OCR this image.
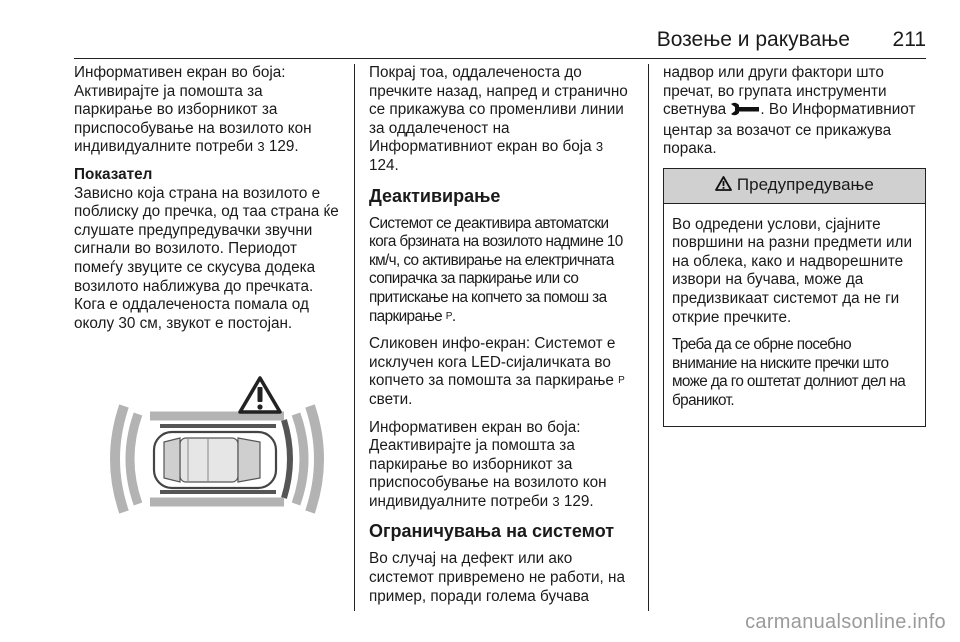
Возење и ракување 211

Информативен екран во боја: Активирајте ја помошта за паркирање во изборникот за приспособување на возилото кон индивидуалните потреби 3 129.

Показател

Зависно која страна на возилото е поблиску до пречка, од таа страна ќе слушате предупредувачки звучни сигнали во возилото. Периодот помеѓу звуците се скусува додека возилото наближува до пречката. Кога е оддалеченоста помала од околу 30 см, звукот е постојан.

Покрај тоа, оддалеченоста до пречките назад, напред и странично се прикажува со променливи линии за оддалеченост на Информативниот екран во боја 3 124.

Деактивирање

Системот се деактивира автоматски кога брзината на возилото надмине 10 км/ч, со активирање на електричната сопирачка за паркирање или со притискање на копчето за помош за паркирање P.

Сликовен инфо-екран: Системот е исклучен кога LED-сијаличката во копчето за помошта за паркирање P свети.

Информативен екран во боја: Деактивирајте ја помошта за паркирање во изборникот за приспособување на возилото кон индивидуалните потреби 3 129.

Ограничувања на системот

Во случај на дефект или ако системот привремено не работи, на пример, поради голема бучава

надвор или други фактори што пречат, во групата инструменти светнува . Во Информативниот центар за возачот се прикажува порака.

Предупредување

Во одредени услови, сјајните површини на разни предмети или на облека, како и надворешните извори на бучава, може да предизвикаат системот да не ги открие пречките.

Треба да се обрне посебно внимание на ниските пречки што може да го оштетат долниот дел на браникот.

carmanualsonline.info
